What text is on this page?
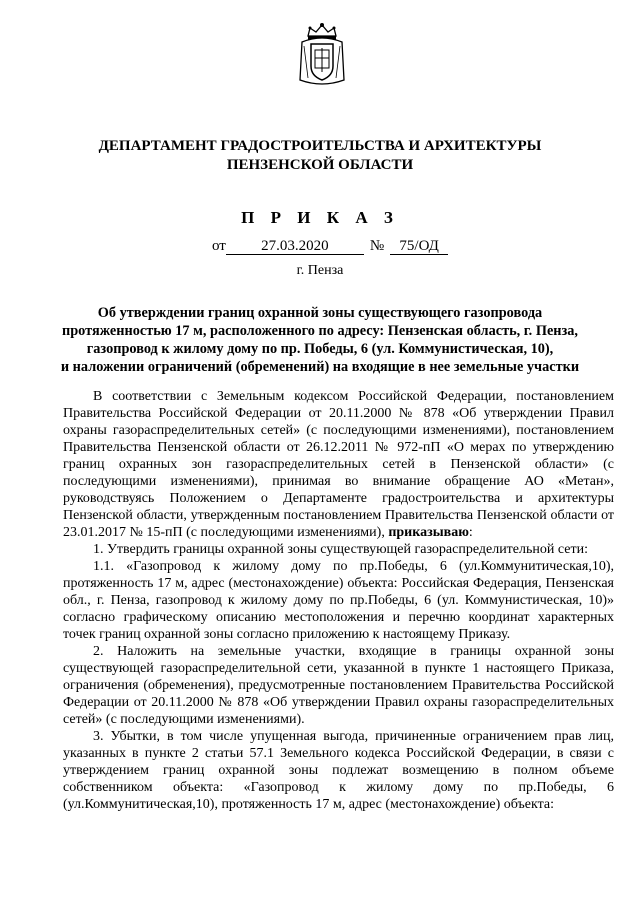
ДЕПАРТАМЕНТ ГРАДОСТРОИТЕЛЬСТВА И АРХИТЕКТУРЫ
ПЕНЗЕНСКОЙ ОБЛАСТИ
П Р И К А З
от 27.03.2020	№ 75/ОД
г. Пенза
Об утверждении границ охранной зоны существующего газопровода
протяженностью 17 м, расположенного по адресу: Пензенская область, г. Пенза,
газопровод к жилому дому по пр. Победы, 6 (ул. Коммунистическая, 10),
и наложении ограничений (обременений) на входящие в нее земельные участки

В соответствии с Земельным кодексом Российской Федерации, постановлением Правительства Российской Федерации от 20.11.2000 № 878 «Об утверждении Правил охраны газораспределительных сетей» (с последующими изменениями), постановлением Правительства Пензенской области от 26.12.2011 № 972-пП «О мерах по утверждению границ охранных зон газораспределительных сетей в Пензенской области» (с последующими изменениями), принимая во внимание обращение АО «Метан», руководствуясь Положением о Департаменте градостроительства и архитектуры Пензенской области, утвержденным постановлением Правительства Пензенской области от 23.01.2017 № 15-пП (с последующими изменениями), приказываю:

1. Утвердить границы охранной зоны существующей газораспределительной сети:

1.1. «Газопровод к жилому дому по пр.Победы, 6 (ул.Коммунитическая,10), протяженность 17 м, адрес (местонахождение) объекта: Российская Федерация, Пензенская обл., г. Пенза, газопровод к жилому дому по пр.Победы, 6 (ул. Коммунистическая, 10)» согласно графическому описанию местоположения и перечню координат характерных точек границ охранной зоны согласно приложению к настоящему Приказу.

2. Наложить на земельные участки, входящие в границы охранной зоны существующей газораспределительной сети, указанной в пункте 1 настоящего Приказа, ограничения (обременения), предусмотренные постановлением Правительства Российской Федерации от 20.11.2000 № 878 «Об утверждении Правил охраны газораспределительных сетей» (с последующими изменениями).

3. Убытки, в том числе упущенная выгода, причиненные ограничением прав лиц, указанных в пункте 2 статьи 57.1 Земельного кодекса Российской Федерации, в связи с утверждением границ охранной зоны подлежат возмещению в полном объеме собственником объекта: «Газопровод к жилому дому по пр.Победы, 6 (ул.Коммунитическая,10), протяженность 17 м, адрес (местонахождение) объекта:
